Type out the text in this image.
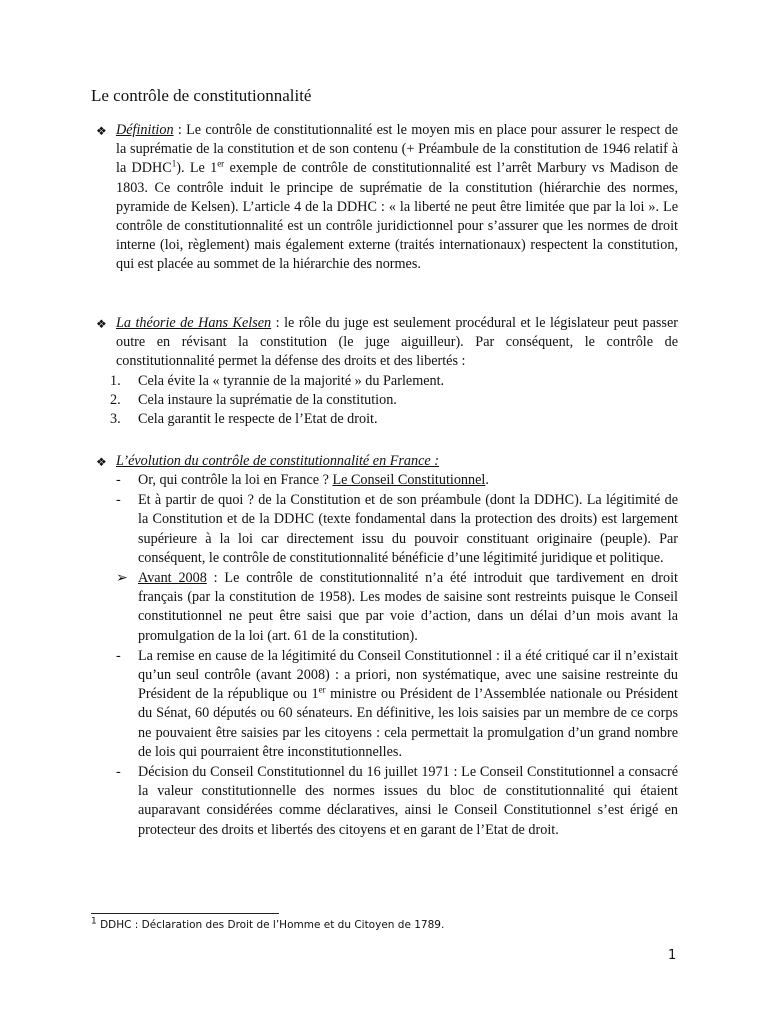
Le contrôle de constitutionnalité
❖ Définition : Le contrôle de constitutionnalité est le moyen mis en place pour assurer le respect de la suprématie de la constitution et de son contenu (+ Préambule de la constitution de 1946 relatif à la DDHC$^1$). Le 1er exemple de contrôle de constitutionnalité est l’arrêt Marbury vs Madison de 1803. Ce contrôle induit le principe de suprématie de la constitution (hiérarchie des normes, pyramide de Kelsen). L’article 4 de la DDHC : « la liberté ne peut être limitée que par la loi ». Le contrôle de constitutionnalité est un contrôle juridictionnel pour s’assurer que les normes de droit interne (loi, règlement) mais également externe (traités internationaux) respectent la constitution, qui est placée au sommet de la hiérarchie des normes.

❖ La théorie de Hans Kelsen : le rôle du juge est seulement procédural et le législateur peut passer outre en révisant la constitution (le juge aiguilleur). Par conséquent, le contrôle de constitutionnalité permet la défense des droits et des libertés :

1. Cela évite la « tyrannie de la majorité » du Parlement.
2. Cela instaure la suprématie de la constitution.
3. Cela garantit le respecte de l’Etat de droit.
❖ L’évolution du contrôle de constitutionnalité en France :

- Or, qui contrôle la loi en France ? Le Conseil Constitutionnel.
- Et à partir de quoi ? de la Constitution et de son préambule (dont la DDHC). La légitimité de la Constitution et de la DDHC (texte fondamental dans la protection des droits) est largement supérieure à la loi car directement issu du pouvoir constituant originaire (peuple). Par conséquent, le contrôle de constitutionnalité bénéficie d’une légitimité juridique et politique.
➢ Avant 2008 : Le contrôle de constitutionnalité n’a été introduit que tardivement en droit français (par la constitution de 1958). Les modes de saisine sont restreints puisque le Conseil constitutionnel ne peut être saisi que par voie d’action, dans un délai d’un mois avant la promulgation de la loi (art. 61 de la constitution).
- La remise en cause de la légitimité du Conseil Constitutionnel : il a été critiqué car il n’existait qu’un seul contrôle (avant 2008) : a priori, non systématique, avec une saisine restreinte du Président de la république ou 1er ministre ou Président de l’Assemblée nationale ou Président du Sénat, 60 députés ou 60 sénateurs. En définitive, les lois saisies par un membre de ce corps ne pouvaient être saisies par les citoyens : cela permettait la promulgation d’un grand nombre de lois qui pourraient être inconstitutionnelles.
- Décision du Conseil Constitutionnel du 16 juillet 1971 : Le Conseil Constitutionnel a consacré la valeur constitutionnelle des normes issues du bloc de constitutionnalité qui étaient auparavant considérées comme déclaratives, ainsi le Conseil Constitutionnel s’est érigé en protecteur des droits et libertés des citoyens et en garant de l’Etat de droit.
$^1$ DDHC : Déclaration des Droit de l’Homme et du Citoyen de 1789.
1
